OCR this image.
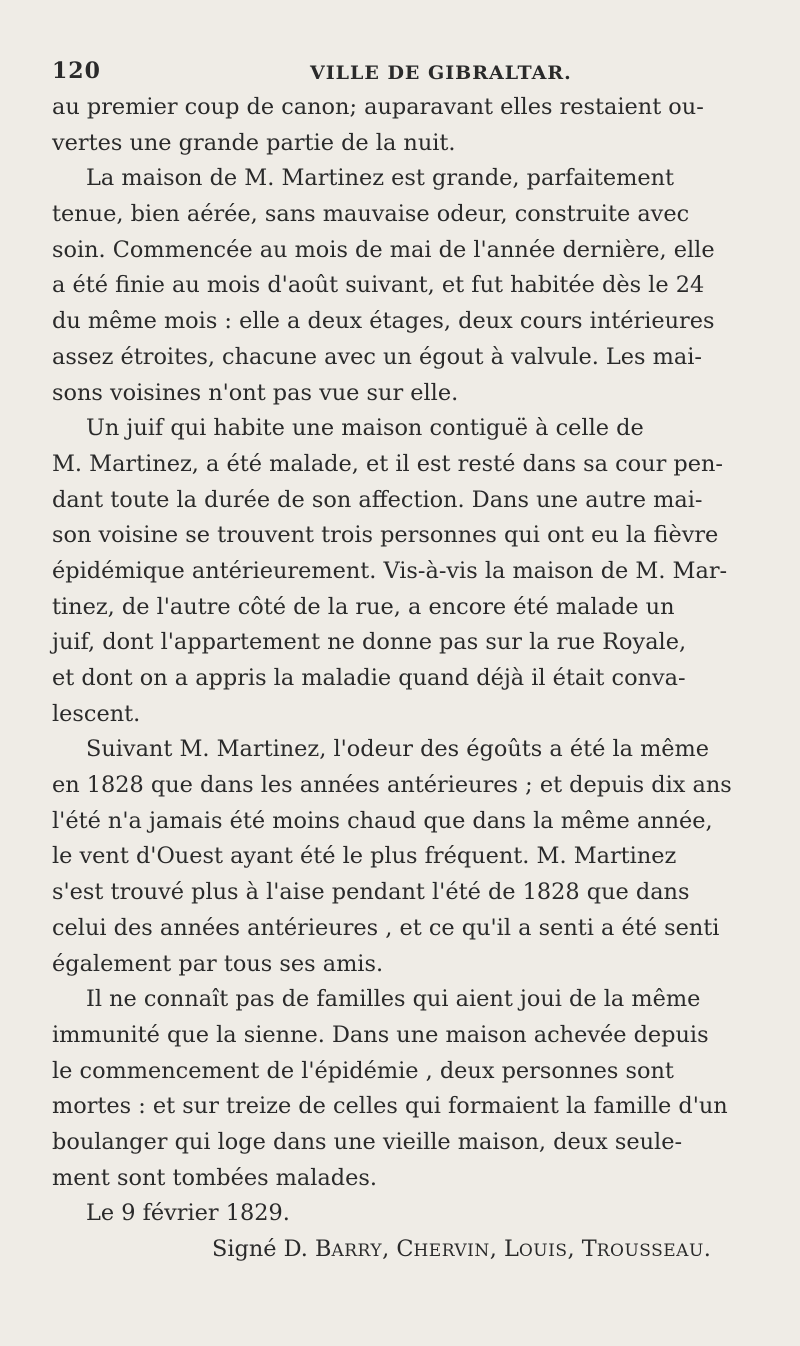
120	VILLE DE GIBRALTAR.
au premier coup de canon; auparavant elles restaient ou-
vertes une grande partie de la nuit.
La maison de M. Martinez est grande, parfaitement
tenue, bien aérée, sans mauvaise odeur, construite avec
soin. Commencée au mois de mai de l'année dernière, elle
a été finie au mois d'août suivant, et fut habitée dès le 24
du même mois : elle a deux étages, deux cours intérieures
assez étroites, chacune avec un égout à valvule. Les mai-
sons voisines n'ont pas vue sur elle.
Un juif qui habite une maison contiguë à celle de
M. Martinez, a été malade, et il est resté dans sa cour pen-
dant toute la durée de son affection. Dans une autre mai-
son voisine se trouvent trois personnes qui ont eu la fièvre
épidémique antérieurement. Vis-à-vis la maison de M. Mar-
tinez, de l'autre côté de la rue, a encore été malade un
juif, dont l'appartement ne donne pas sur la rue Royale,
et dont on a appris la maladie quand déjà il était conva-
lescent.
Suivant M. Martinez, l'odeur des égoûts a été la même
en 1828 que dans les années antérieures ; et depuis dix ans
l'été n'a jamais été moins chaud que dans la même année,
le vent d'Ouest ayant été le plus fréquent. M. Martinez
s'est trouvé plus à l'aise pendant l'été de 1828 que dans
celui des années antérieures , et ce qu'il a senti a été senti
également par tous ses amis.
Il ne connaît pas de familles qui aient joui de la même
immunité que la sienne. Dans une maison achevée depuis
le commencement de l'épidémie , deux personnes sont
mortes : et sur treize de celles qui formaient la famille d'un
boulanger qui loge dans une vieille maison, deux seule-
ment sont tombées malades.
Le 9 février 1829.
Signé D. BARRY, CHERVIN, LOUIS, TROUSSEAU.
